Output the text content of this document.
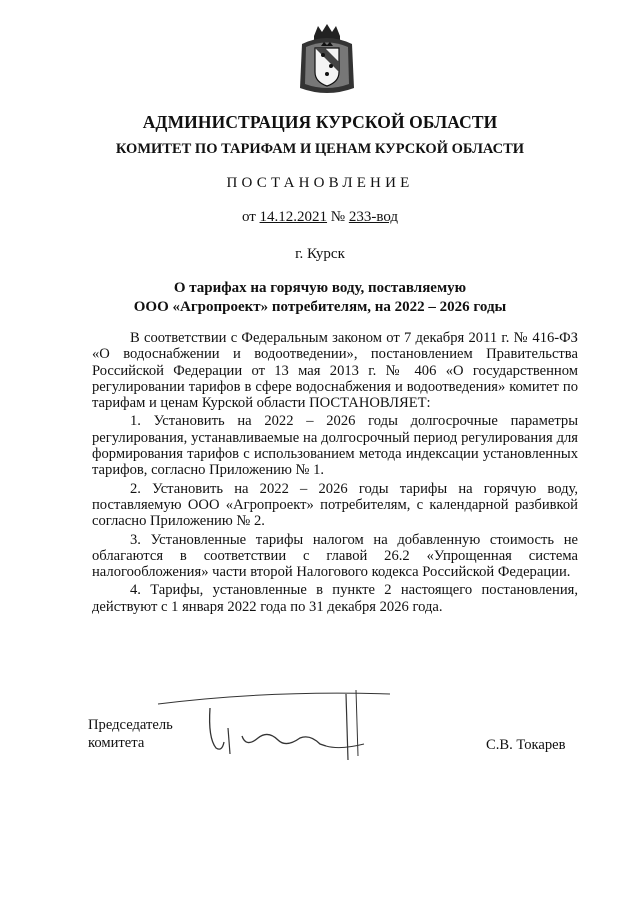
АДМИНИСТРАЦИЯ КУРСКОЙ ОБЛАСТИ
КОМИТЕТ ПО ТАРИФАМ И ЦЕНАМ КУРСКОЙ ОБЛАСТИ
ПОСТАНОВЛЕНИЕ
от 14.12.2021 № 233-вод
г. Курск
О тарифах на горячую воду, поставляемую
ООО «Агропроект» потребителям, на 2022 – 2026 годы

В соответствии с Федеральным законом от 7 декабря 2011 г. № 416-ФЗ «О водоснабжении и водоотведении», постановлением Правительства Российской Федерации от 13 мая 2013 г. № 406 «О государственном регулировании тарифов в сфере водоснабжения и водоотведения» комитет по тарифам и ценам Курской области ПОСТАНОВЛЯЕТ:

1. Установить на 2022 – 2026 годы долгосрочные параметры регулирования, устанавливаемые на долгосрочный период регулирования для формирования тарифов с использованием метода индексации установленных тарифов, согласно Приложению № 1.

2. Установить на 2022 – 2026 годы тарифы на горячую воду, поставляемую ООО «Агропроект» потребителям, с календарной разбивкой согласно Приложению № 2.

3. Установленные тарифы налогом на добавленную стоимость не облагаются в соответствии с главой 26.2 «Упрощенная система налогообложения» части второй Налогового кодекса Российской Федерации.

4. Тарифы, установленные в пункте 2 настоящего постановления, действуют с 1 января 2022 года по 31 декабря 2026 года.

Председатель
комитета	С.В. Токарев
